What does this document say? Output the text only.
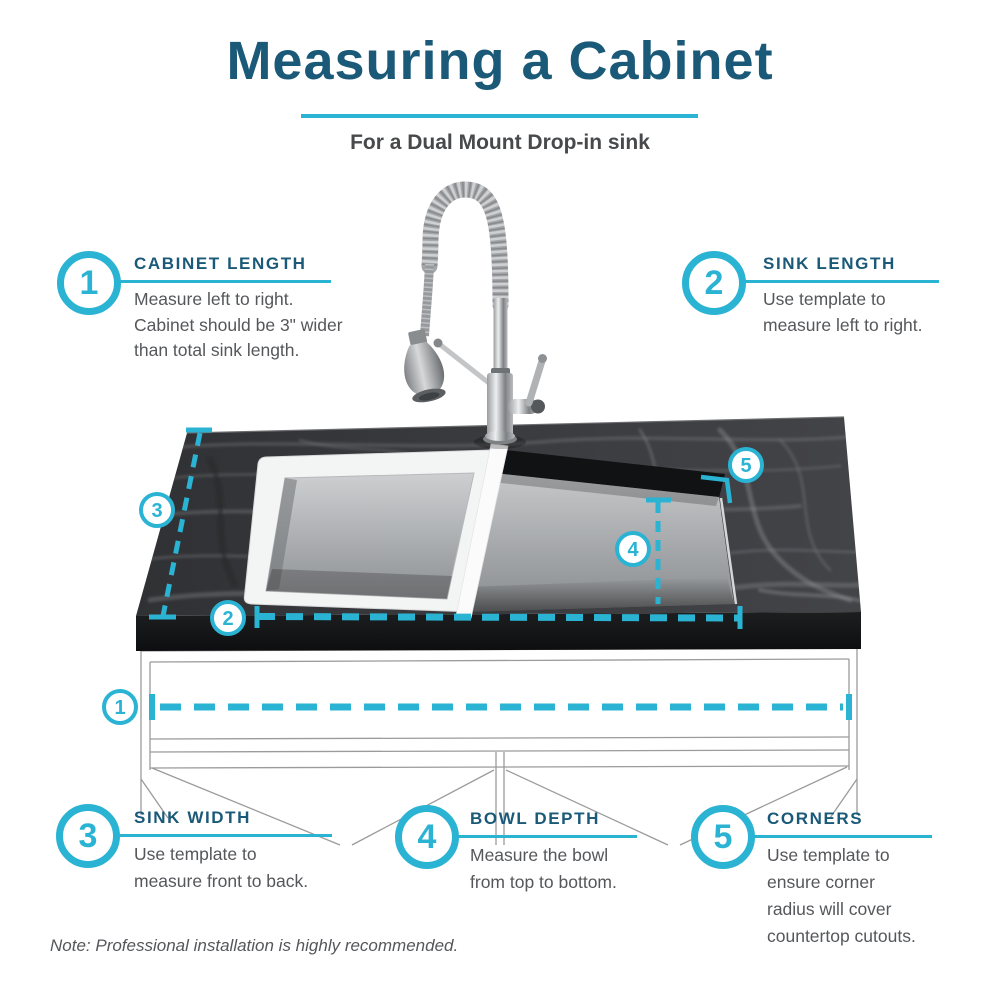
Measuring a Cabinet
For a Dual Mount Drop-in sink
1
2
3
4
5
1 CABINET LENGTH
Measure left to right.
Cabinet should be 3" wider
than total sink length.
2 SINK LENGTH
Use template to
measure left to right.
3 SINK WIDTH
Use template to
measure front to back.
4 BOWL DEPTH
Measure the bowl
from top to bottom.
5 CORNERS
Use template to
ensure corner
radius will cover
countertop cutouts.
Note: Professional installation is highly recommended.
